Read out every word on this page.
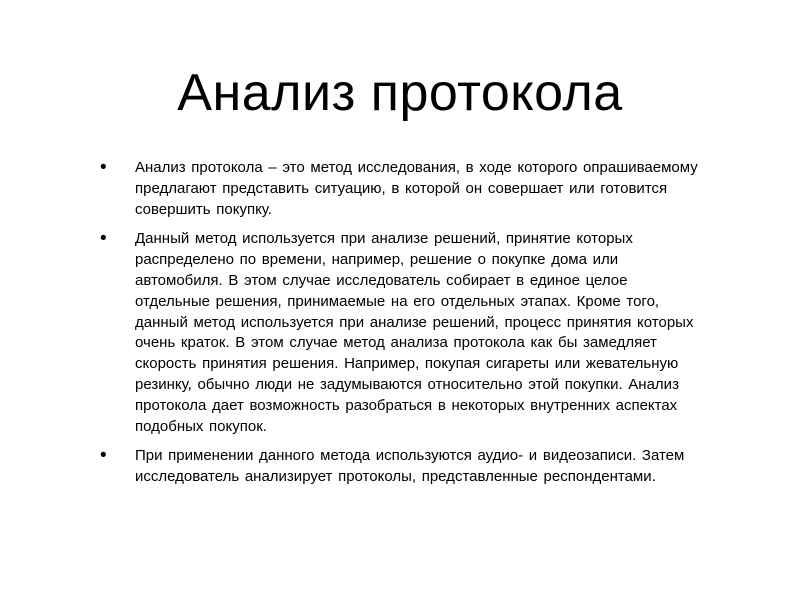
Анализ протокола
• Анализ протокола – это метод исследования, в ходе которого опрашиваемому предлагают представить ситуацию, в которой он совершает или готовится совершить покупку.
• Данный метод используется при анализе решений, принятие которых распределено по времени, например, решение о покупке дома или автомобиля. В этом случае исследователь собирает в единое целое отдельные решения, принимаемые на его отдельных этапах. Кроме того, данный метод используется при анализе решений, процесс принятия которых очень краток. В этом случае метод анализа протокола как бы замедляет скорость принятия решения. Например, покупая сигареты или жевательную резинку, обычно люди не задумываются относительно этой покупки. Анализ протокола дает возможность разобраться в некоторых внутренних аспектах подобных покупок.
• При применении данного метода используются аудио- и видеозаписи. Затем исследователь анализирует протоколы, представленные респондентами.
